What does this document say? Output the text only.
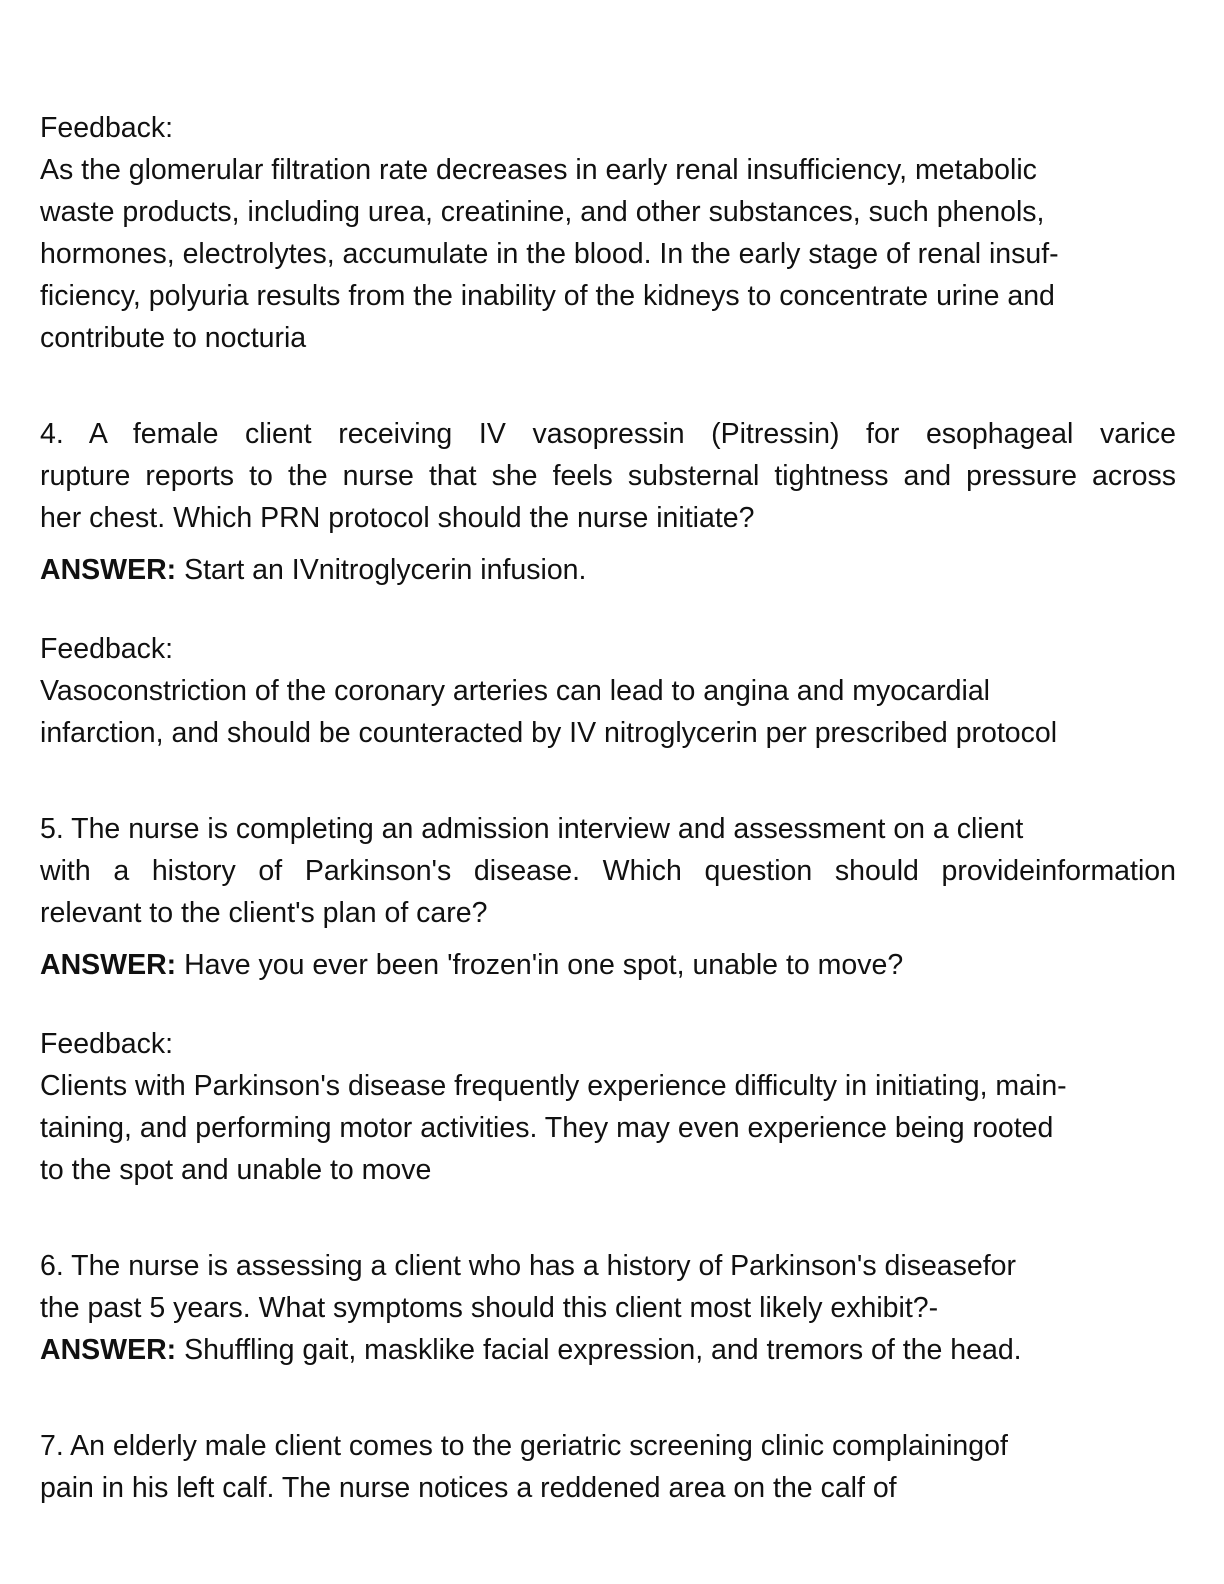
Feedback:
As the glomerular filtration rate decreases in early renal insufficiency, metabolic
waste products, including urea, creatinine, and other substances, such phenols,
hormones, electrolytes, accumulate in the blood. In the early stage of renal insuf-
ficiency, polyuria results from the inability of the kidneys to concentrate urine and
contribute to nocturia
4. A female client receiving IV vasopressin (Pitressin) for esophageal varice
rupture reports to the nurse that she feels substernal tightness and pressure across
her chest. Which PRN protocol should the nurse initiate?
ANSWER: Start an IVnitroglycerin infusion.
Feedback:
Vasoconstriction of the coronary arteries can lead to angina and myocardial
infarction, and should be counteracted by IV nitroglycerin per prescribed protocol
5. The nurse is completing an admission interview and assessment on a client
with a history of Parkinson's disease. Which question should provideinformation
relevant to the client's plan of care?
ANSWER: Have you ever been 'frozen'in one spot, unable to move?
Feedback:
Clients with Parkinson's disease frequently experience difficulty in initiating, main-
taining, and performing motor activities. They may even experience being rooted
to the spot and unable to move
6. The nurse is assessing a client who has a history of Parkinson's diseasefor
the past 5 years. What symptoms should this client most likely exhibit?-
ANSWER: Shuffling gait, masklike facial expression, and tremors of the head.
7. An elderly male client comes to the geriatric screening clinic complainingof
pain in his left calf. The nurse notices a reddened area on the calf of
